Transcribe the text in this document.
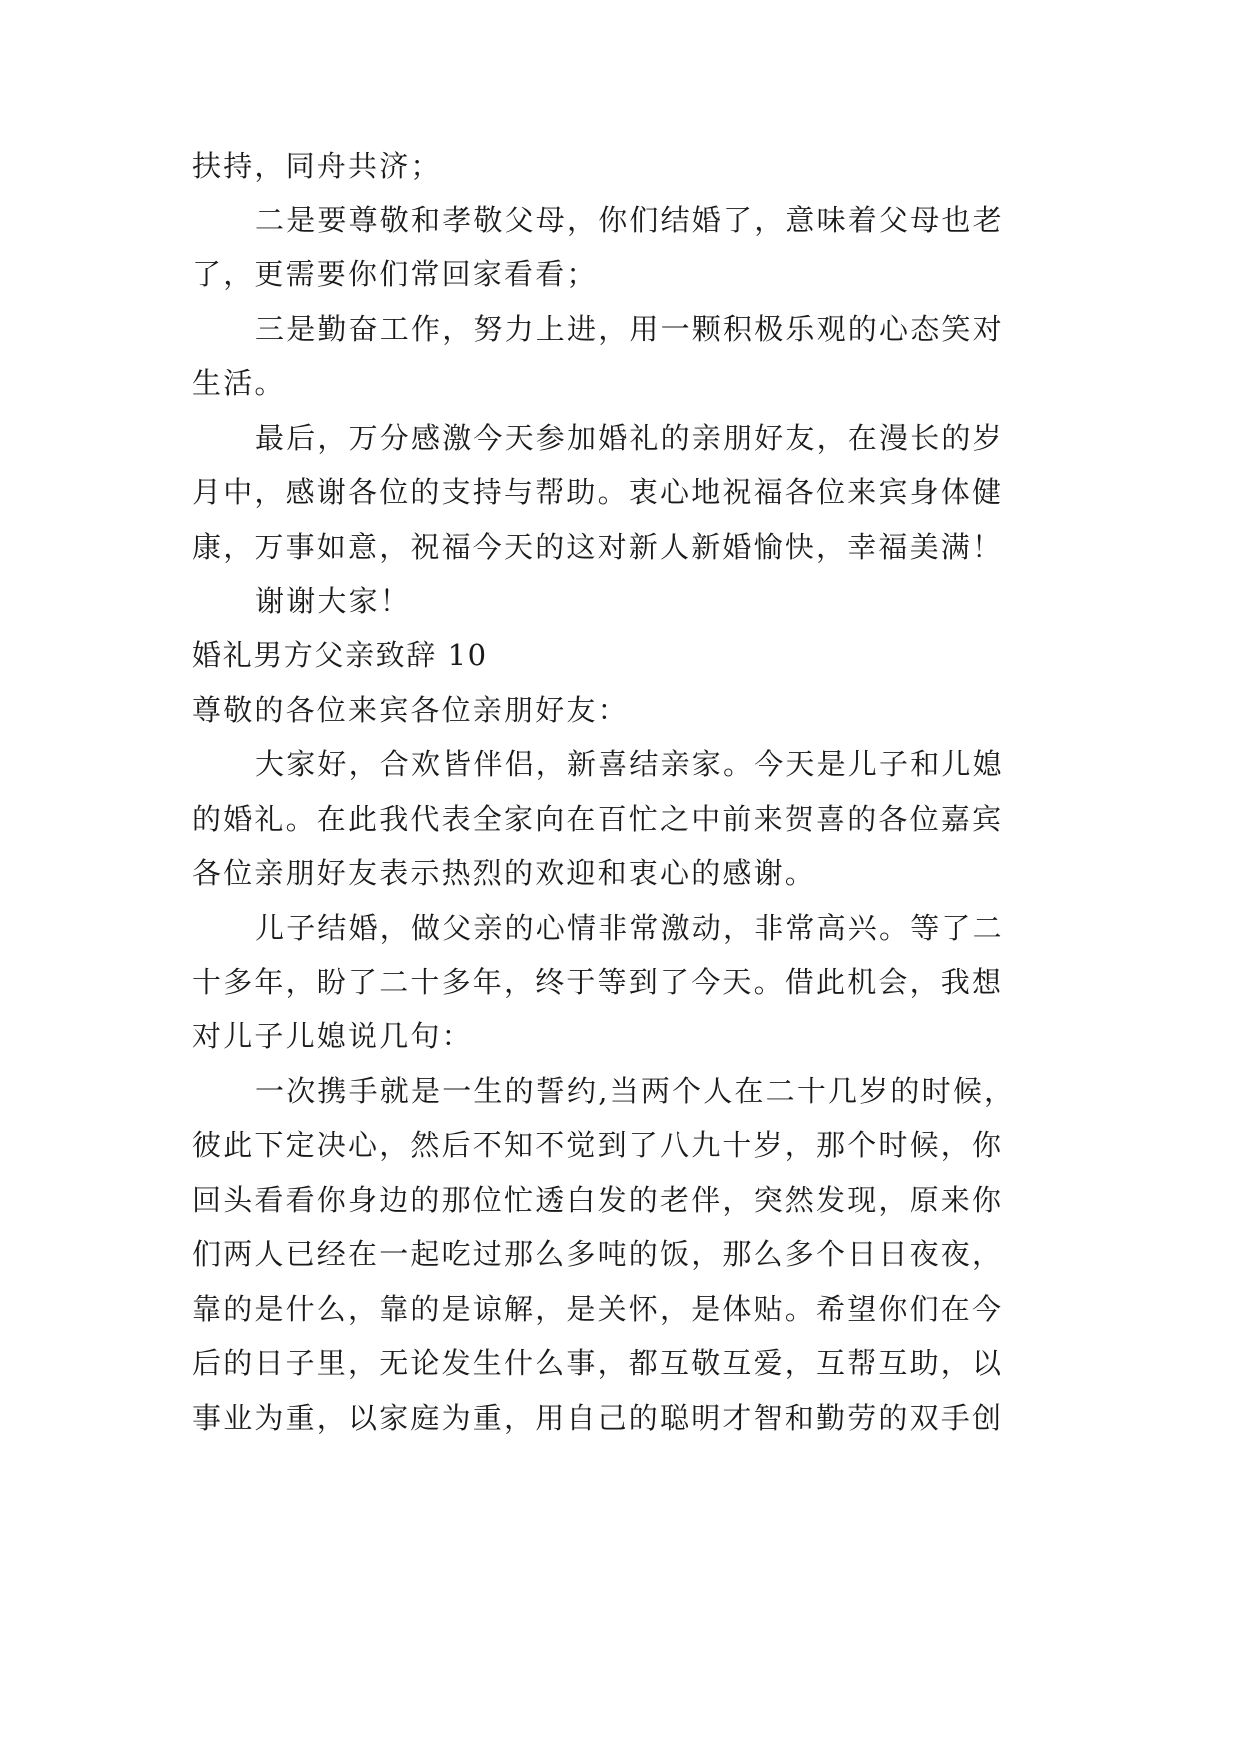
扶持，同舟共济；
二是要尊敬和孝敬父母，你们结婚了，意味着父母也老
了，更需要你们常回家看看；
三是勤奋工作，努力上进，用一颗积极乐观的心态笑对
生活。
最后，万分感激今天参加婚礼的亲朋好友，在漫长的岁
月中，感谢各位的支持与帮助。衷心地祝福各位来宾身体健
康，万事如意，祝福今天的这对新人新婚愉快，幸福美满！
谢谢大家！
婚礼男方父亲致辞 10
尊敬的各位来宾各位亲朋好友：
大家好，合欢皆伴侣，新喜结亲家。今天是儿子和儿媳
的婚礼。在此我代表全家向在百忙之中前来贺喜的各位嘉宾
各位亲朋好友表示热烈的欢迎和衷心的感谢。
儿子结婚，做父亲的心情非常激动，非常高兴。等了二
十多年，盼了二十多年，终于等到了今天。借此机会，我想
对儿子儿媳说几句：
一次携手就是一生的誓约,当两个人在二十几岁的时候，
彼此下定决心，然后不知不觉到了八九十岁，那个时候，你
回头看看你身边的那位忙透白发的老伴，突然发现，原来你
们两人已经在一起吃过那么多吨的饭，那么多个日日夜夜，
靠的是什么，靠的是谅解，是关怀，是体贴。希望你们在今
后的日子里，无论发生什么事，都互敬互爱，互帮互助，以
事业为重，以家庭为重，用自己的聪明才智和勤劳的双手创
